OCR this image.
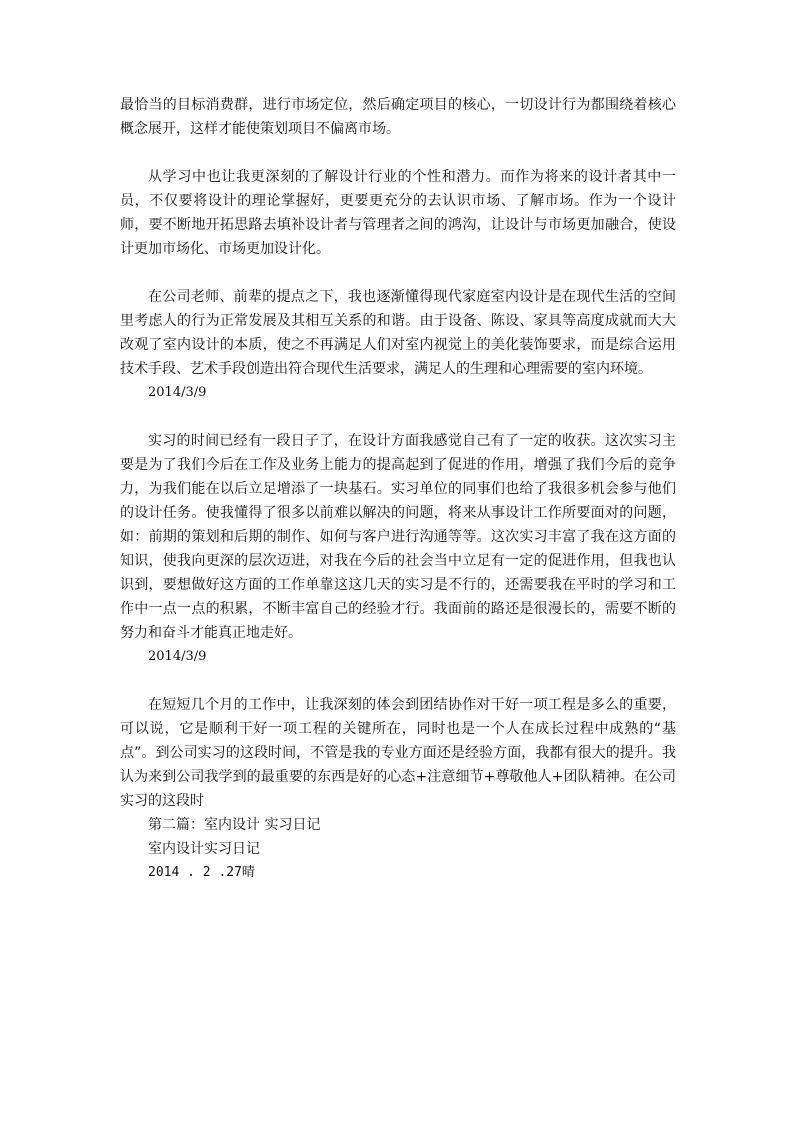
最恰当的目标消费群，进行市场定位，然后确定项目的核心，一切设计行为都围绕着核心概念展开，这样才能使策划项目不偏离市场。

从学习中也让我更深刻的了解设计行业的个性和潜力。而作为将来的设计者其中一员，不仅要将设计的理论掌握好，更要更充分的去认识市场、了解市场。作为一个设计师，要不断地开拓思路去填补设计者与管理者之间的鸿沟，让设计与市场更加融合，使设计更加市场化、市场更加设计化。

在公司老师、前辈的提点之下，我也逐渐懂得现代家庭室内设计是在现代生活的空间里考虑人的行为正常发展及其相互关系的和谐。由于设备、陈设、家具等高度成就而大大改观了室内设计的本质，使之不再满足人们对室内视觉上的美化装饰要求，而是综合运用技术手段、艺术手段创造出符合现代生活要求，满足人的生理和心理需要的室内环境。

2014/3/9

实习的时间已经有一段日子了，在设计方面我感觉自己有了一定的收获。这次实习主要是为了我们今后在工作及业务上能力的提高起到了促进的作用，增强了我们今后的竞争力，为我们能在以后立足增添了一块基石。实习单位的同事们也给了我很多机会参与他们的设计任务。使我懂得了很多以前难以解决的问题，将来从事设计工作所要面对的问题，如：前期的策划和后期的制作、如何与客户进行沟通等等。这次实习丰富了我在这方面的知识，使我向更深的层次迈进，对我在今后的社会当中立足有一定的促进作用，但我也认识到，要想做好这方面的工作单靠这这几天的实习是不行的，还需要我在平时的学习和工作中一点一点的积累，不断丰富自己的经验才行。我面前的路还是很漫长的，需要不断的努力和奋斗才能真正地走好。

2014/3/9

在短短几个月的工作中，让我深刻的体会到团结协作对干好一项工程是多么的重要，可以说，它是顺利干好一项工程的关键所在，同时也是一个人在成长过程中成熟的“基点”。到公司实习的这段时间，不管是我的专业方面还是经验方面，我都有很大的提升。我认为来到公司我学到的最重要的东西是好的心态+注意细节+尊敬他人+团队精神。在公司实习的这段时

第二篇：室内设计 实习日记

室内设计实习日记

2014 . 2 .27晴
